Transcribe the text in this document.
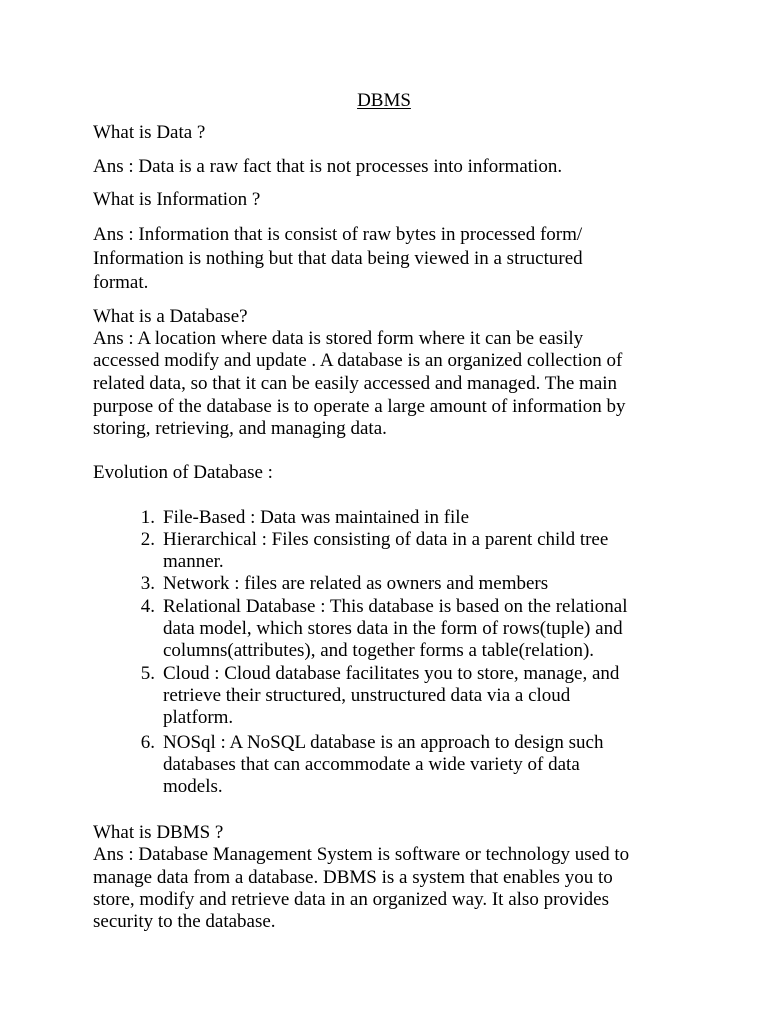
DBMS
What is Data ?
Ans : Data is a raw fact that is not processes into information.
What is Information ?
Ans : Information that is consist of raw bytes in processed form/
Information is nothing but that data being viewed in a structured
format.
What is a Database?
Ans : A location where data is stored form where it can be easily
accessed modify and update . A database is an organized collection of
related data, so that it can be easily accessed and managed. The main
purpose of the database is to operate a large amount of information by
storing, retrieving, and managing data.
Evolution of Database :
1. File-Based : Data was maintained in file
2. Hierarchical : Files consisting of data in a parent child tree
manner.
3. Network : files are related as owners and members
4. Relational Database : This database is based on the relational
data model, which stores data in the form of rows(tuple) and
columns(attributes), and together forms a table(relation).
5. Cloud : Cloud database facilitates you to store, manage, and
retrieve their structured, unstructured data via a cloud
platform.
6. NOSql : A NoSQL database is an approach to design such
databases that can accommodate a wide variety of data
models.
What is DBMS ?
Ans : Database Management System is software or technology used to
manage data from a database. DBMS is a system that enables you to
store, modify and retrieve data in an organized way. It also provides
security to the database.
